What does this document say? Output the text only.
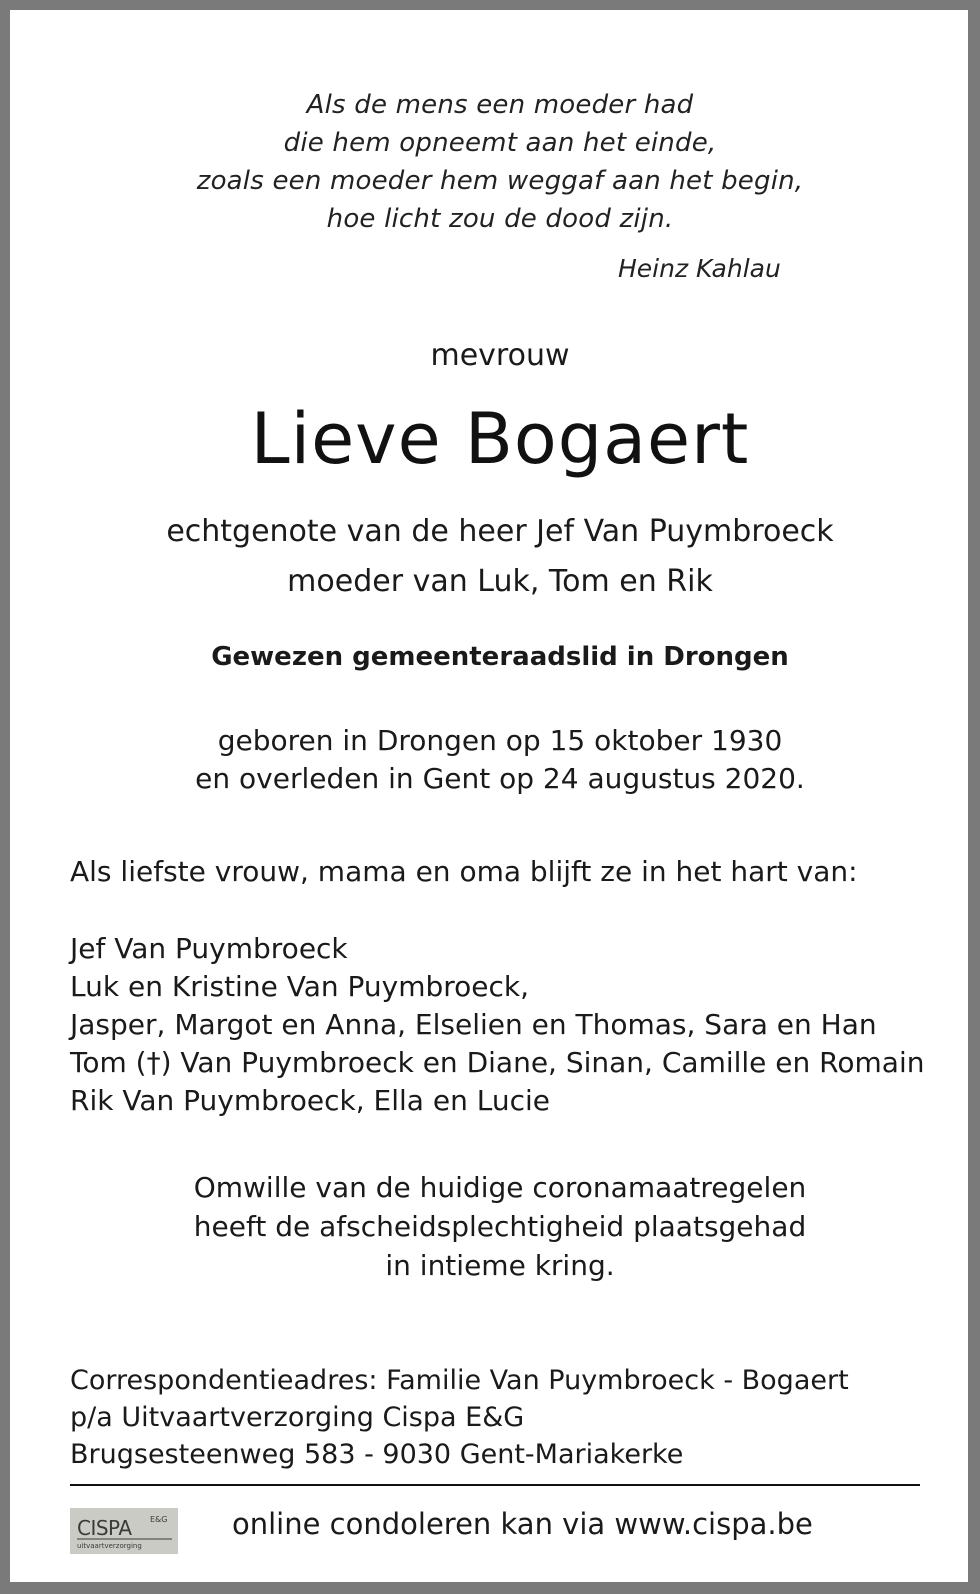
Als de mens een moeder had
die hem opneemt aan het einde,
zoals een moeder hem weggaf aan het begin,
hoe licht zou de dood zijn.
Heinz Kahlau
mevrouw
Lieve Bogaert
echtgenote van de heer Jef Van Puymbroeck
moeder van Luk, Tom en Rik
Gewezen gemeenteraadslid in Drongen
geboren in Drongen op 15 oktober 1930
en overleden in Gent op 24 augustus 2020.
Als liefste vrouw, mama en oma blijft ze in het hart van:
Jef Van Puymbroeck
Luk en Kristine Van Puymbroeck,
Jasper, Margot en Anna, Elselien en Thomas, Sara en Han
Tom (†) Van Puymbroeck en Diane, Sinan, Camille en Romain
Rik Van Puymbroeck, Ella en Lucie
Omwille van de huidige coronamaatregelen
heeft de afscheidsplechtigheid plaatsgehad
in intieme kring.
Correspondentieadres: Familie Van Puymbroeck - Bogaert
p/a Uitvaartverzorging Cispa E&G
Brugsesteenweg 583 - 9030 Gent-Mariakerke
CISPA E&G
uitvaartverzorging
online condoleren kan via www.cispa.be
